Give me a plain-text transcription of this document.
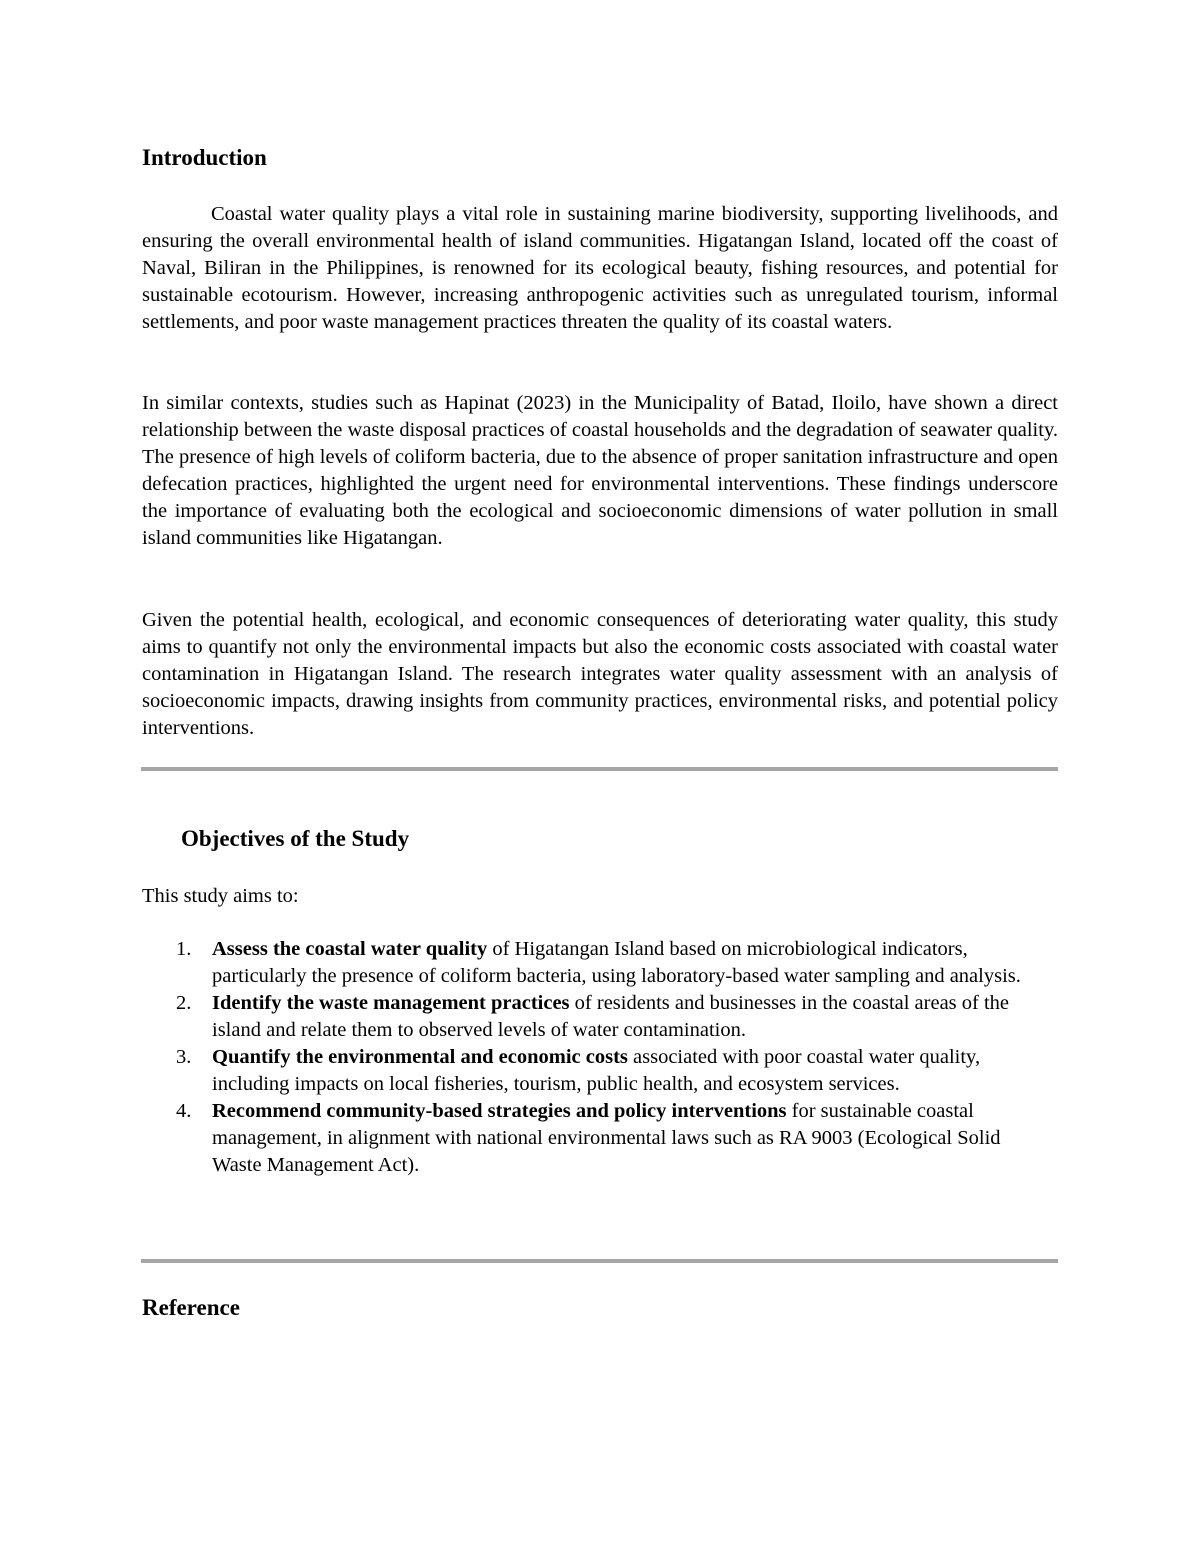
Introduction

Coastal water quality plays a vital role in sustaining marine biodiversity, supporting livelihoods, and ensuring the overall environmental health of island communities. Higatangan Island, located off the coast of Naval, Biliran in the Philippines, is renowned for its ecological beauty, fishing resources, and potential for sustainable ecotourism. However, increasing anthropogenic activities such as unregulated tourism, informal settlements, and poor waste management practices threaten the quality of its coastal waters.

In similar contexts, studies such as Hapinat (2023) in the Municipality of Batad, Iloilo, have shown a direct relationship between the waste disposal practices of coastal households and the degradation of seawater quality. The presence of high levels of coliform bacteria, due to the absence of proper sanitation infrastructure and open defecation practices, highlighted the urgent need for environmental interventions. These findings underscore the importance of evaluating both the ecological and socioeconomic dimensions of water pollution in small island communities like Higatangan.

Given the potential health, ecological, and economic consequences of deteriorating water quality, this study aims to quantify not only the environmental impacts but also the economic costs associated with coastal water contamination in Higatangan Island. The research integrates water quality assessment with an analysis of socioeconomic impacts, drawing insights from community practices, environmental risks, and potential policy interventions.

Objectives of the Study

This study aims to:

1. Assess the coastal water quality of Higatangan Island based on microbiological indicators, particularly the presence of coliform bacteria, using laboratory-based water sampling and analysis.
2. Identify the waste management practices of residents and businesses in the coastal areas of the island and relate them to observed levels of water contamination.
3. Quantify the environmental and economic costs associated with poor coastal water quality, including impacts on local fisheries, tourism, public health, and ecosystem services.
4. Recommend community-based strategies and policy interventions for sustainable coastal management, in alignment with national environmental laws such as RA 9003 (Ecological Solid Waste Management Act).
Reference
